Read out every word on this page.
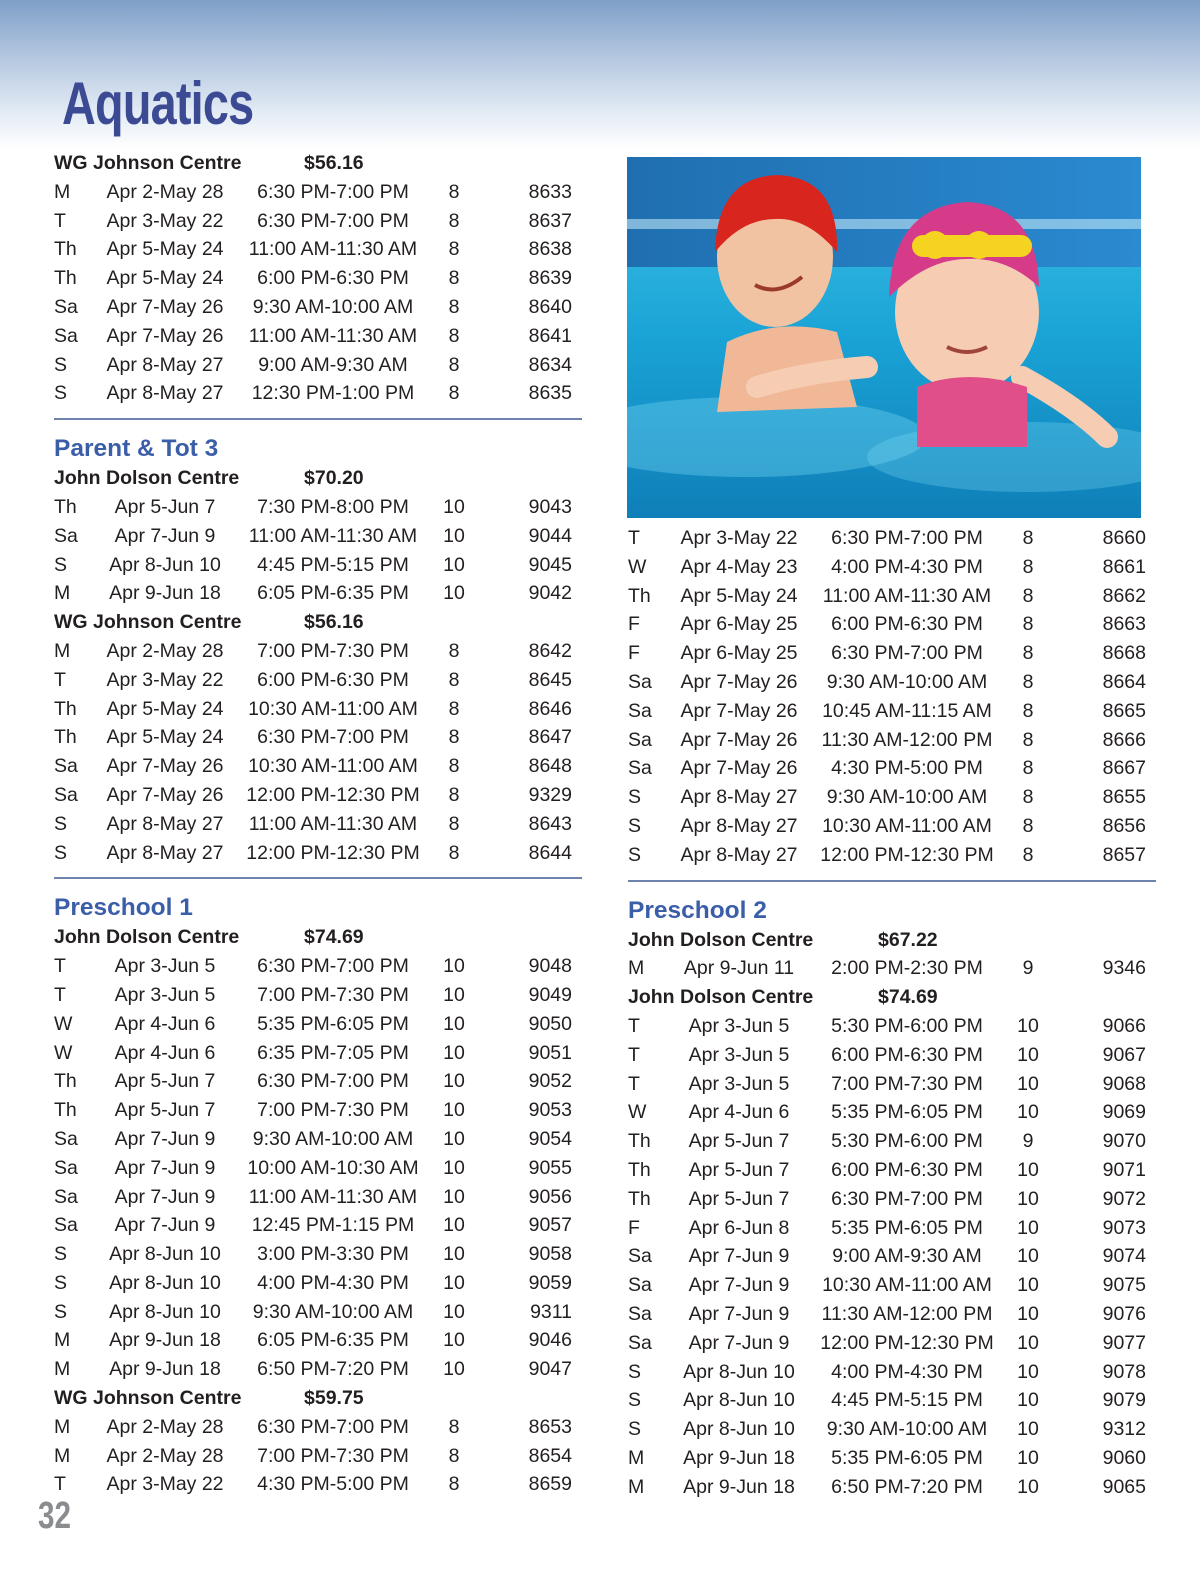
Aquatics
WG Johnson Centre	$56.16
M	Apr 2-May 28	6:30 PM-7:00 PM	8	8633
T	Apr 3-May 22	6:30 PM-7:00 PM	8	8637
Th	Apr 5-May 24	11:00 AM-11:30 AM	8	8638
Th	Apr 5-May 24	6:00 PM-6:30 PM	8	8639
Sa	Apr 7-May 26	9:30 AM-10:00 AM	8	8640
Sa	Apr 7-May 26	11:00 AM-11:30 AM	8	8641
S	Apr 8-May 27	9:00 AM-9:30 AM	8	8634
S	Apr 8-May 27	12:30 PM-1:00 PM	8	8635
Parent & Tot 3
John Dolson Centre	$70.20
Th	Apr 5-Jun 7	7:30 PM-8:00 PM	10	9043
Sa	Apr 7-Jun 9	11:00 AM-11:30 AM	10	9044
S	Apr 8-Jun 10	4:45 PM-5:15 PM	10	9045
M	Apr 9-Jun 18	6:05 PM-6:35 PM	10	9042
WG Johnson Centre	$56.16
M	Apr 2-May 28	7:00 PM-7:30 PM	8	8642
T	Apr 3-May 22	6:00 PM-6:30 PM	8	8645
Th	Apr 5-May 24	10:30 AM-11:00 AM	8	8646
Th	Apr 5-May 24	6:30 PM-7:00 PM	8	8647
Sa	Apr 7-May 26	10:30 AM-11:00 AM	8	8648
Sa	Apr 7-May 26	12:00 PM-12:30 PM	8	9329
S	Apr 8-May 27	11:00 AM-11:30 AM	8	8643
S	Apr 8-May 27	12:00 PM-12:30 PM	8	8644
Preschool 1
John Dolson Centre	$74.69
T	Apr 3-Jun 5	6:30 PM-7:00 PM	10	9048
T	Apr 3-Jun 5	7:00 PM-7:30 PM	10	9049
W	Apr 4-Jun 6	5:35 PM-6:05 PM	10	9050
W	Apr 4-Jun 6	6:35 PM-7:05 PM	10	9051
Th	Apr 5-Jun 7	6:30 PM-7:00 PM	10	9052
Th	Apr 5-Jun 7	7:00 PM-7:30 PM	10	9053
Sa	Apr 7-Jun 9	9:30 AM-10:00 AM	10	9054
Sa	Apr 7-Jun 9	10:00 AM-10:30 AM	10	9055
Sa	Apr 7-Jun 9	11:00 AM-11:30 AM	10	9056
Sa	Apr 7-Jun 9	12:45 PM-1:15 PM	10	9057
S	Apr 8-Jun 10	3:00 PM-3:30 PM	10	9058
S	Apr 8-Jun 10	4:00 PM-4:30 PM	10	9059
S	Apr 8-Jun 10	9:30 AM-10:00 AM	10	9311
M	Apr 9-Jun 18	6:05 PM-6:35 PM	10	9046
M	Apr 9-Jun 18	6:50 PM-7:20 PM	10	9047
WG Johnson Centre	$59.75
M	Apr 2-May 28	6:30 PM-7:00 PM	8	8653
M	Apr 2-May 28	7:00 PM-7:30 PM	8	8654
T	Apr 3-May 22	4:30 PM-5:00 PM	8	8659
T	Apr 3-May 22	6:30 PM-7:00 PM	8	8660
W	Apr 4-May 23	4:00 PM-4:30 PM	8	8661
Th	Apr 5-May 24	11:00 AM-11:30 AM	8	8662
F	Apr 6-May 25	6:00 PM-6:30 PM	8	8663
F	Apr 6-May 25	6:30 PM-7:00 PM	8	8668
Sa	Apr 7-May 26	9:30 AM-10:00 AM	8	8664
Sa	Apr 7-May 26	10:45 AM-11:15 AM	8	8665
Sa	Apr 7-May 26	11:30 AM-12:00 PM	8	8666
Sa	Apr 7-May 26	4:30 PM-5:00 PM	8	8667
S	Apr 8-May 27	9:30 AM-10:00 AM	8	8655
S	Apr 8-May 27	10:30 AM-11:00 AM	8	8656
S	Apr 8-May 27	12:00 PM-12:30 PM	8	8657
Preschool 2
John Dolson Centre	$67.22
M	Apr 9-Jun 11	2:00 PM-2:30 PM	9	9346
John Dolson Centre	$74.69
T	Apr 3-Jun 5	5:30 PM-6:00 PM	10	9066
T	Apr 3-Jun 5	6:00 PM-6:30 PM	10	9067
T	Apr 3-Jun 5	7:00 PM-7:30 PM	10	9068
W	Apr 4-Jun 6	5:35 PM-6:05 PM	10	9069
Th	Apr 5-Jun 7	5:30 PM-6:00 PM	9	9070
Th	Apr 5-Jun 7	6:00 PM-6:30 PM	10	9071
Th	Apr 5-Jun 7	6:30 PM-7:00 PM	10	9072
F	Apr 6-Jun 8	5:35 PM-6:05 PM	10	9073
Sa	Apr 7-Jun 9	9:00 AM-9:30 AM	10	9074
Sa	Apr 7-Jun 9	10:30 AM-11:00 AM	10	9075
Sa	Apr 7-Jun 9	11:30 AM-12:00 PM	10	9076
Sa	Apr 7-Jun 9	12:00 PM-12:30 PM	10	9077
S	Apr 8-Jun 10	4:00 PM-4:30 PM	10	9078
S	Apr 8-Jun 10	4:45 PM-5:15 PM	10	9079
S	Apr 8-Jun 10	9:30 AM-10:00 AM	10	9312
M	Apr 9-Jun 18	5:35 PM-6:05 PM	10	9060
M	Apr 9-Jun 18	6:50 PM-7:20 PM	10	9065
32
